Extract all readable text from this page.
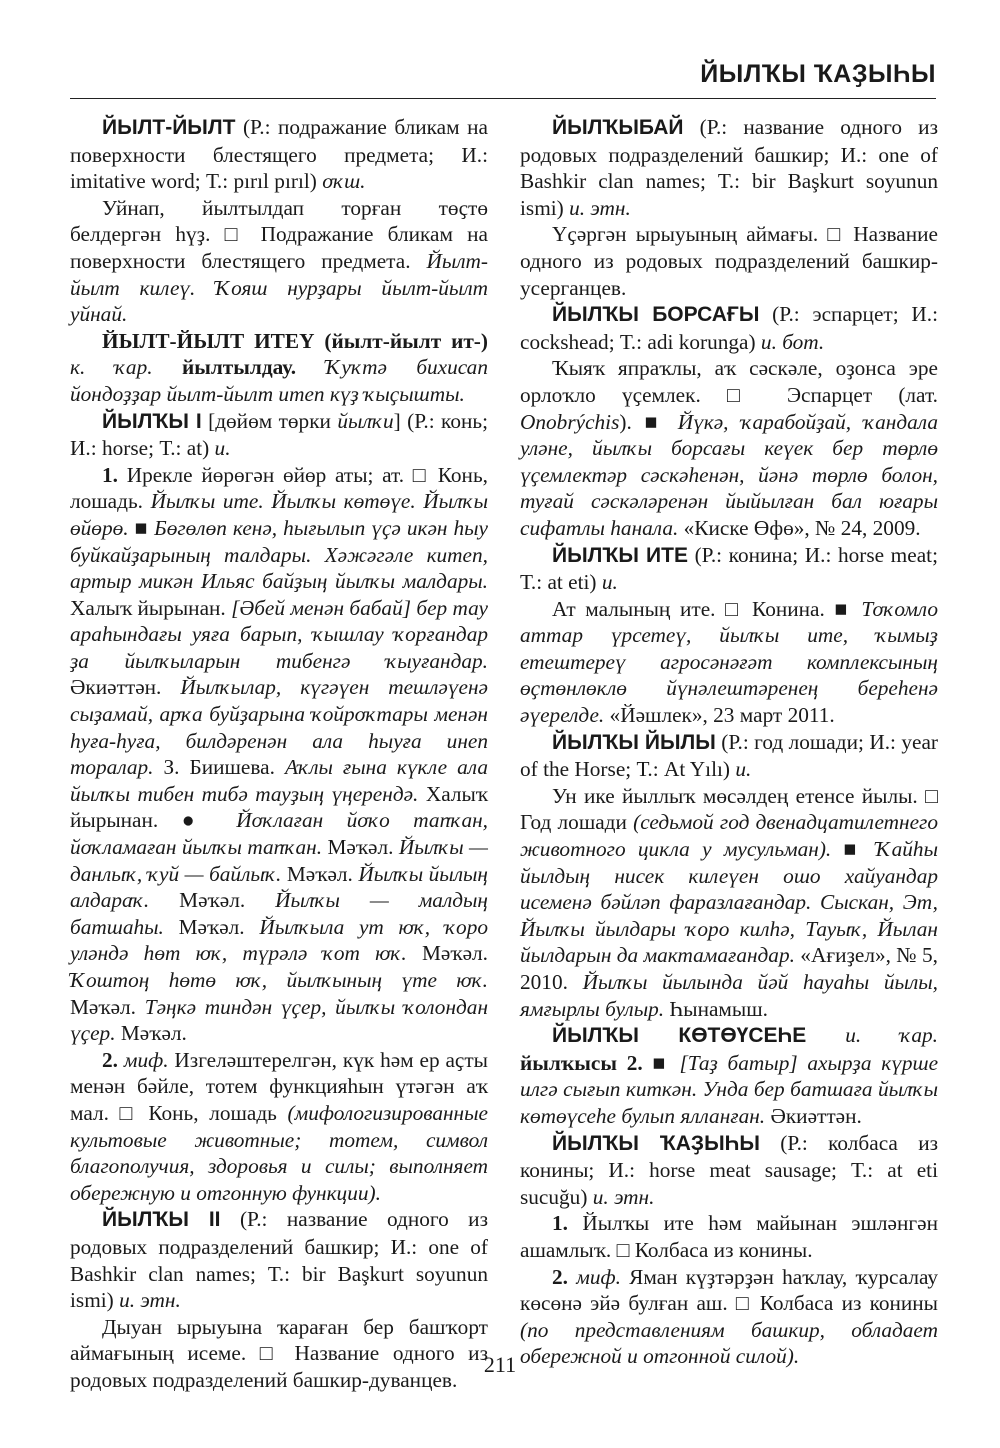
ЙЫЛҠЫ ҠАҘЫҺЫ

ЙЫЛТ-ЙЫЛТ (Р.: подражание бликам на поверхности блестящего предмета; И.: imitative word; Т.: pırıl pırıl) оҡш.

Уйнап, йылтылдап торған төҫтө белдергән һүҙ. □ Подражание бликам на поверхности блестящего предмета. Йылт-йылт килеү. Ҡояш нурҙары йылт-йылт уйнай.

ЙЫЛТ-ЙЫЛТ ИТЕҮ (йылт-йылт ит-) к. ҡар. йылтылдау. Ҡуҡтә бихисап йондоҙҙар йылт-йылт итеп күҙ ҡыҫышты.

ЙЫЛҠЫ I [дөйөм төрки йылҡи] (Р.: конь; И.: horse; Т.: at) и.

1. Ирекле йөрөгән өйөр аты; ат. □ Конь, лошадь. Йылҡы ите. Йылҡы көтөүе. Йылҡы өйөрө. ■ Бөгөлөп кенә, һығылып үҫә икән һыу буйкайҙарының талдары. Хәжәгәле китеп, артыр микән Ильяс байҙың йылҡы малдары. Халыҡ йырынан. [Әбей менән бабай] бер тау араһындағы уяға барып, ҡышлау ҡорғандар ҙа йылҡыларын тибенгә ҡыуғандар. Әкиәттән. Йылҡылар, күгәүен тешләүенә сыҙамай, арҡа буйҙарына ҡойроҡтары менән һуға-һуға, билдәренән ала һыуға инеп торалар. З. Биишева. Аҡлы ғына күкле ала йылҡы тибен тибә тауҙың үңерендә. Халыҡ йырынан. ● Йоҡлаған йоҡо тапҡан, йоҡламаған йылҡы тапҡан. Мәҡәл. Йылҡы — данлыҡ, ҡуй — байлыҡ. Мәҡәл. Йылҡы йылың алдараҡ. Мәҡәл. Йылҡы — малдың батшаһы. Мәҡәл. Йылҡыла ут юҡ, ҡоро уләндә һөт юҡ, түрәлә ҡот юҡ. Мәҡәл. Ҡоштоң һөтө юҡ, йылҡының үте юҡ. Мәҡәл. Тәңкә тиндән үҫер, йылҡы ҡолондан үҫер. Мәҡәл.

2. миф. Изгеләштерелгән, күк һәм ер аҫты менән бәйле, тотем функцияһын үтәгән аҡ мал. □ Конь, лошадь (мифологизированные культовые животные; тотем, символ благополучия, здоровья и силы; выполняет обережную и отгонную функции).

ЙЫЛҠЫ II (Р.: название одного из родовых подразделений башкир; И.: one of Bashkir clan names; Т.: bir Başkurt soyunun ismi) и. этн.

Дыуан ырыуына ҡараған бер башҡорт аймағының исеме. □ Название одного из родовых подразделений башкир-дуванцев.

ЙЫЛҠЫБАЙ (Р.: название одного из родовых подразделений башкир; И.: one of Bashkir clan names; Т.: bir Başkurt soyunun ismi) и. этн.

Үҫәргән ырыуының аймағы. □ Название одного из родовых подразделений башкир-усерганцев.

ЙЫЛҠЫ БОРСАҒЫ (Р.: эспарцет; И.: cockshead; Т.: adi korunga) и. бот.

Ҡыяҡ япраҡлы, аҡ сәскәле, оҙонса эре орлоҡло үҫемлек. □ Эспарцет (лат. Onobrýchis). ■ Йүкә, ҡарабойҙай, ҡандала уләне, йылҡы борсағы кеүек бер төрлө үҫемлектәр сәскәһенән, йәнә төрлө болон, туғай сәскәләренән йыйылған бал юғары сифатлы һанала. «Киске Өфө», № 24, 2009.

ЙЫЛҠЫ ИТЕ (Р.: конина; И.: horse meat; Т.: at eti) и.

Ат малының ите. □ Конина. ■ Тоҡомло аттар үрсетеү, йылҡы ите, ҡымыҙ етештереү агросәнәғәт комплексының өҫтөнлөклө йүнәлештәренең береһенә әүерелде. «Йәшлек», 23 март 2011.

ЙЫЛҠЫ ЙЫЛЫ (Р.: год лошади; И.: year of the Horse; Т.: At Yılı) и.

Ун ике йыллыҡ мөсәлдең етенсе йылы. □ Год лошади (седьмой год двенадцатилетнего животного цикла у мусульман). ■ Ҡайһы йылдың нисек килеүен ошо хайуандар исеменә бәйләп фаразлағандар. Сыскан, Эт, Йылҡы йылдары ҡоро килһә, Тауыҡ, Йылан йылдарын да мактамағандар. «Ағиҙел», № 5, 2010. Йылҡы йылында йәй һауаһы йылы, ямғырлы булыр. Һынамыш.

ЙЫЛҠЫ КӨТӨҮСЕҺЕ и. ҡар. йылҡысы 2. ■ [Таҙ батыр] ахырҙа күрше илгә сығып киткән. Унда бер батшаға йылҡы көтөүсеһе булып ялланған. Әкиәттән.

ЙЫЛҠЫ ҠАҘЫҺЫ (Р.: колбаса из конины; И.: horse meat sausage; Т.: at eti sucuğu) и. этн.

1. Йылҡы ите һәм майынан эшләнгән ашамлыҡ. □ Колбаса из конины.

2. миф. Яман күҙтәрҙән һаҡлау, ҡурсалау көсөнә эйә булған аш. □ Колбаса из конины (по представлениям башкир, обладает обережной и отгонной силой).

211
